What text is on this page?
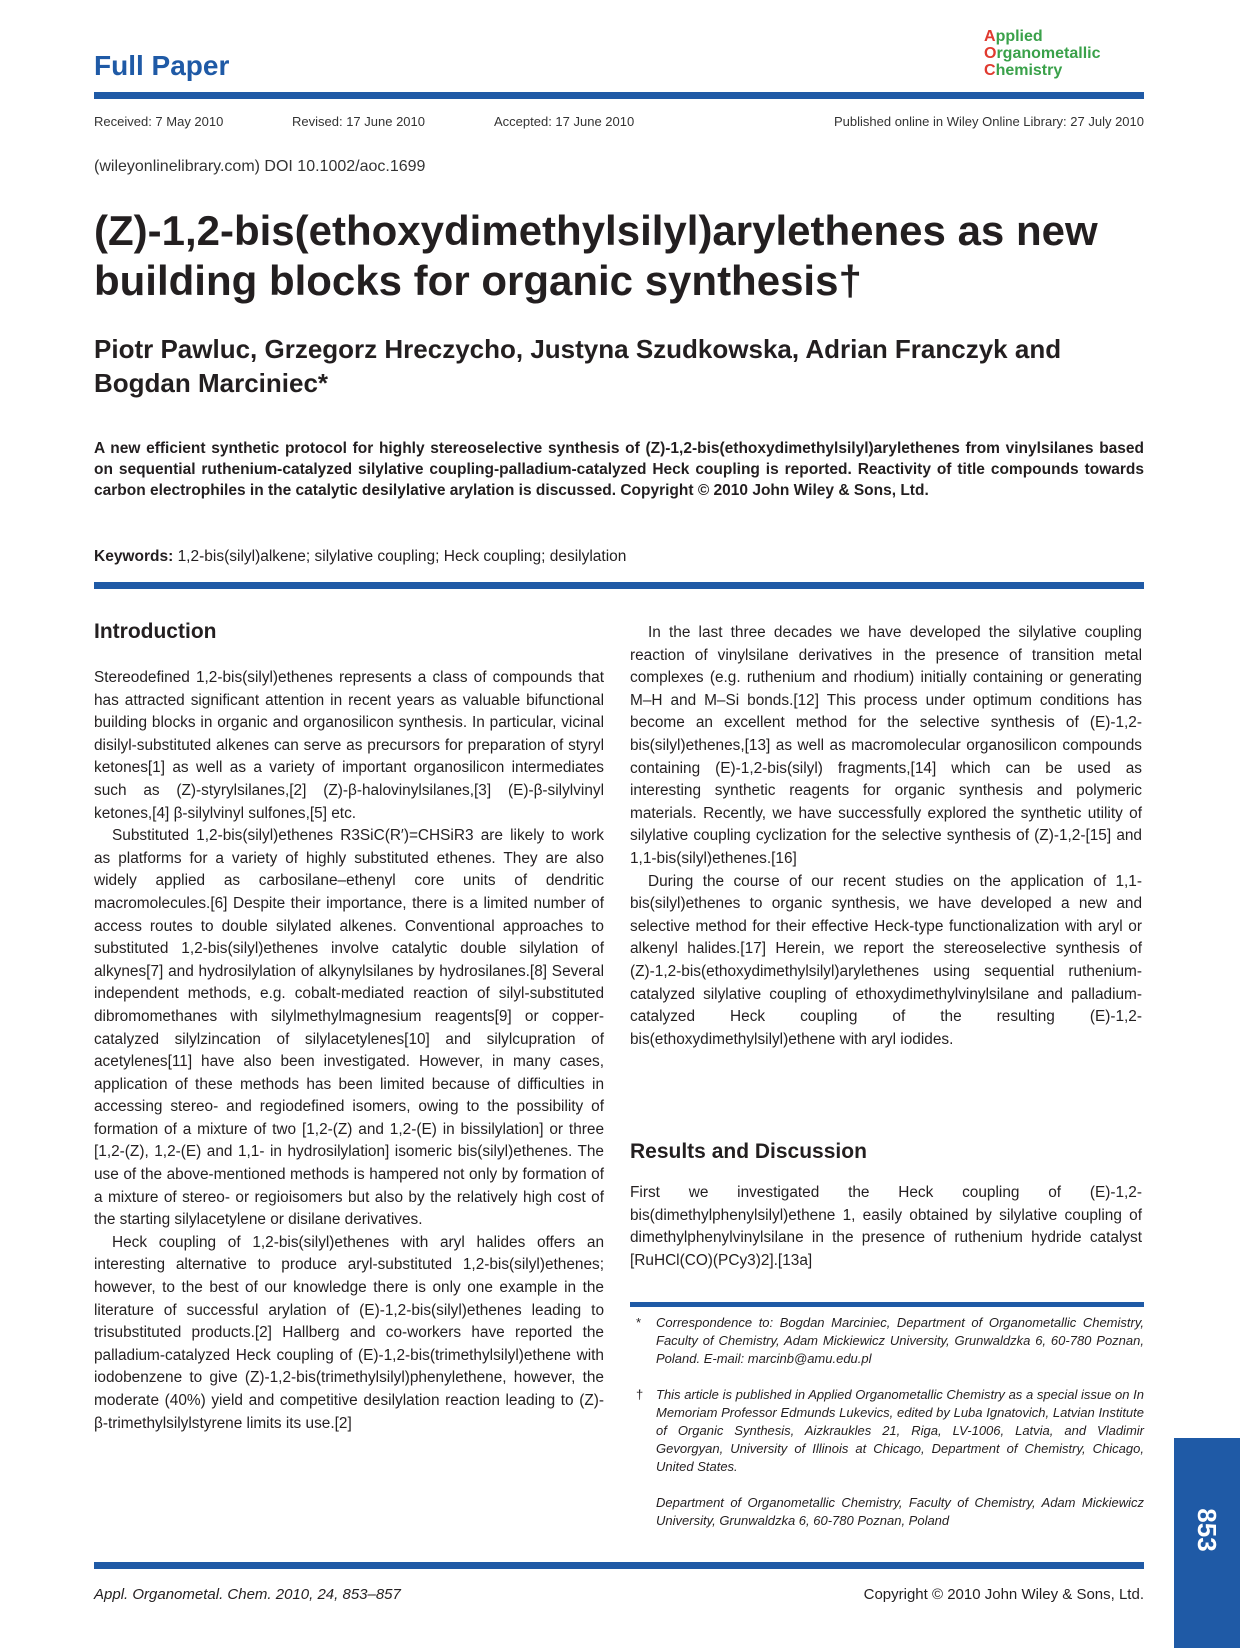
Full Paper
Applied
Organometallic
Chemistry
Received: 7 May 2010	Revised: 17 June 2010	Accepted: 17 June 2010	Published online in Wiley Online Library: 27 July 2010
(wileyonlinelibrary.com) DOI 10.1002/aoc.1699
(Z)-1,2-bis(ethoxydimethylsilyl)arylethenes as new building blocks for organic synthesis†
Piotr Pawluc, Grzegorz Hreczycho, Justyna Szudkowska, Adrian Franczyk and Bogdan Marciniec*
A new efficient synthetic protocol for highly stereoselective synthesis of (Z)-1,2-bis(ethoxydimethylsilyl)arylethenes from vinylsilanes based on sequential ruthenium-catalyzed silylative coupling-palladium-catalyzed Heck coupling is reported. Reactivity of title compounds towards carbon electrophiles in the catalytic desilylative arylation is discussed. Copyright © 2010 John Wiley & Sons, Ltd.
Keywords: 1,2-bis(silyl)alkene; silylative coupling; Heck coupling; desilylation
Introduction

Stereodefined 1,2-bis(silyl)ethenes represents a class of compounds that has attracted significant attention in recent years as valuable bifunctional building blocks in organic and organosilicon synthesis. In particular, vicinal disilyl-substituted alkenes can serve as precursors for preparation of styryl ketones[1] as well as a variety of important organosilicon intermediates such as (Z)-styrylsilanes,[2] (Z)-β-halovinylsilanes,[3] (E)-β-silylvinyl ketones,[4] β-silylvinyl sulfones,[5] etc.

Substituted 1,2-bis(silyl)ethenes R3SiC(R′)=CHSiR3 are likely to work as platforms for a variety of highly substituted ethenes. They are also widely applied as carbosilane–ethenyl core units of dendritic macromolecules.[6] Despite their importance, there is a limited number of access routes to double silylated alkenes. Conventional approaches to substituted 1,2-bis(silyl)ethenes involve catalytic double silylation of alkynes[7] and hydrosilylation of alkynylsilanes by hydrosilanes.[8] Several independent methods, e.g. cobalt-mediated reaction of silyl-substituted dibromomethanes with silylmethylmagnesium reagents[9] or copper-catalyzed silylzincation of silylacetylenes[10] and silylcupration of acetylenes[11] have also been investigated. However, in many cases, application of these methods has been limited because of difficulties in accessing stereo- and regiodefined isomers, owing to the possibility of formation of a mixture of two [1,2-(Z) and 1,2-(E) in bissilylation] or three [1,2-(Z), 1,2-(E) and 1,1- in hydrosilylation] isomeric bis(silyl)ethenes. The use of the above-mentioned methods is hampered not only by formation of a mixture of stereo- or regioisomers but also by the relatively high cost of the starting silylacetylene or disilane derivatives.

Heck coupling of 1,2-bis(silyl)ethenes with aryl halides offers an interesting alternative to produce aryl-substituted 1,2-bis(silyl)ethenes; however, to the best of our knowledge there is only one example in the literature of successful arylation of (E)-1,2-bis(silyl)ethenes leading to trisubstituted products.[2] Hallberg and co-workers have reported the palladium-catalyzed Heck coupling of (E)-1,2-bis(trimethylsilyl)ethene with iodobenzene to give (Z)-1,2-bis(trimethylsilyl)phenylethene, however, the moderate (40%) yield and competitive desilylation reaction leading to (Z)-β-trimethylsilylstyrene limits its use.[2]

In the last three decades we have developed the silylative coupling reaction of vinylsilane derivatives in the presence of transition metal complexes (e.g. ruthenium and rhodium) initially containing or generating M–H and M–Si bonds.[12] This process under optimum conditions has become an excellent method for the selective synthesis of (E)-1,2-bis(silyl)ethenes,[13] as well as macromolecular organosilicon compounds containing (E)-1,2-bis(silyl) fragments,[14] which can be used as interesting synthetic reagents for organic synthesis and polymeric materials. Recently, we have successfully explored the synthetic utility of silylative coupling cyclization for the selective synthesis of (Z)-1,2-[15] and 1,1-bis(silyl)ethenes.[16]

During the course of our recent studies on the application of 1,1-bis(silyl)ethenes to organic synthesis, we have developed a new and selective method for their effective Heck-type functionalization with aryl or alkenyl halides.[17] Herein, we report the stereoselective synthesis of (Z)-1,2-bis(ethoxydimethylsilyl)arylethenes using sequential ruthenium-catalyzed silylative coupling of ethoxydimethylvinylsilane and palladium-catalyzed Heck coupling of the resulting (E)-1,2-bis(ethoxydimethylsilyl)ethene with aryl iodides.

Results and Discussion

First we investigated the Heck coupling of (E)-1,2-bis(dimethylphenylsilyl)ethene 1, easily obtained by silylative coupling of dimethylphenylvinylsilane in the presence of ruthenium hydride catalyst [RuHCl(CO)(PCy3)2].[13a]

* Correspondence to: Bogdan Marciniec, Department of Organometallic Chemistry, Faculty of Chemistry, Adam Mickiewicz University, Grunwaldzka 6, 60-780 Poznan, Poland. E-mail: marcinb@amu.edu.pl
† This article is published in Applied Organometallic Chemistry as a special issue on In Memoriam Professor Edmunds Lukevics, edited by Luba Ignatovich, Latvian Institute of Organic Synthesis, Aizkraukles 21, Riga, LV-1006, Latvia, and Vladimir Gevorgyan, University of Illinois at Chicago, Department of Chemistry, Chicago, United States.
Department of Organometallic Chemistry, Faculty of Chemistry, Adam Mickiewicz University, Grunwaldzka 6, 60-780 Poznan, Poland	853
Appl. Organometal. Chem. 2010, 24, 853–857	Copyright © 2010 John Wiley & Sons, Ltd.
